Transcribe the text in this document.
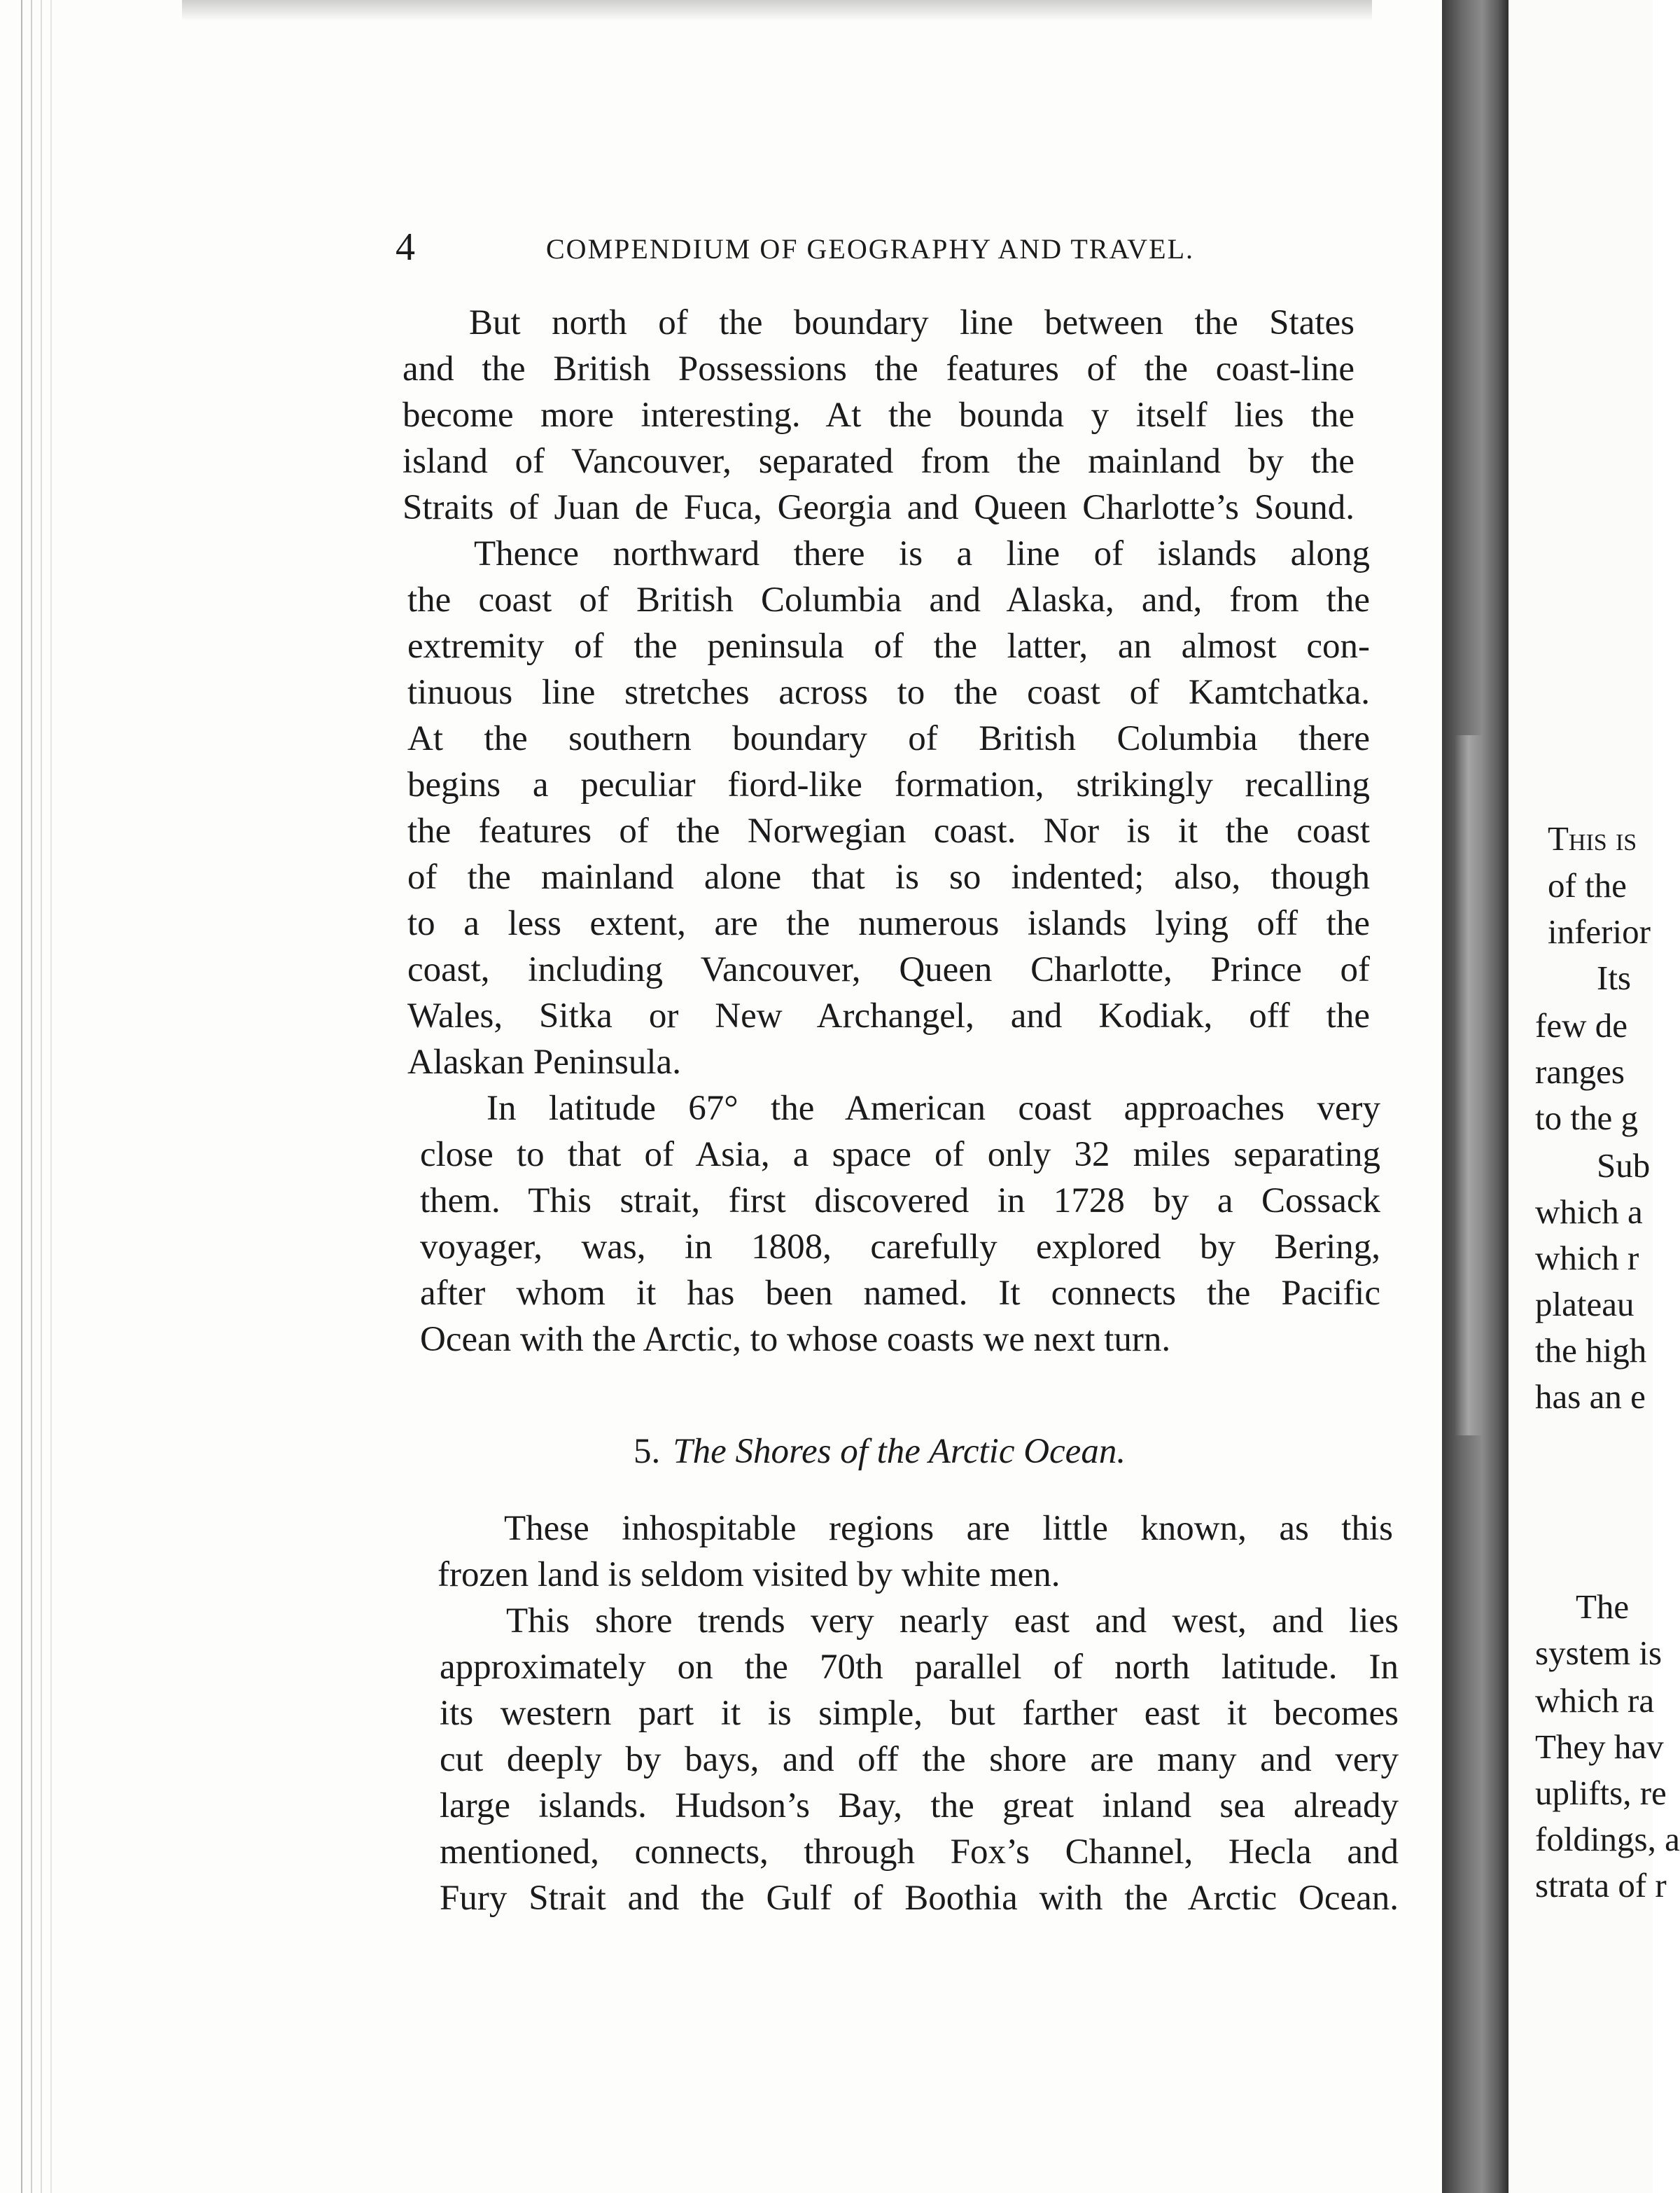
4	COMPENDIUM OF GEOGRAPHY AND TRAVEL.
But north of the boundary line between the States
and the British Possessions the features of the coast-line
become more interesting. At the bounda y itself lies the
island of Vancouver, separated from the mainland by the
Straits of Juan de Fuca, Georgia and Queen Charlotte’s Sound.
Thence northward there is a line of islands along
the coast of British Columbia and Alaska, and, from the
extremity of the peninsula of the latter, an almost con-
tinuous line stretches across to the coast of Kamtchatka.
At the southern boundary of British Columbia there
begins a peculiar fiord-like formation, strikingly recalling
the features of the Norwegian coast. Nor is it the coast
of the mainland alone that is so indented; also, though
to a less extent, are the numerous islands lying off the
coast, including Vancouver, Queen Charlotte, Prince of
Wales, Sitka or New Archangel, and Kodiak, off the
Alaskan Peninsula.
In latitude 67° the American coast approaches very
close to that of Asia, a space of only 32 miles separating
them. This strait, first discovered in 1728 by a Cossack
voyager, was, in 1808, carefully explored by Bering,
after whom it has been named. It connects the Pacific
Ocean with the Arctic, to whose coasts we next turn.
5. The Shores of the Arctic Ocean.
These inhospitable regions are little known, as this
frozen land is seldom visited by white men.
This shore trends very nearly east and west, and lies
approximately on the 70th parallel of north latitude. In
its western part it is simple, but farther east it becomes
cut deeply by bays, and off the shore are many and very
large islands. Hudson’s Bay, the great inland sea already
mentioned, connects, through Fox’s Channel, Hecla and
Fury Strait and the Gulf of Boothia with the Arctic Ocean.
This is
of the
inferior
Its
few de
ranges
to the g
Sub
which a
which r
plateau
the high
has an e
The
system is
which ra
They hav
uplifts, re
foldings, a
strata of r
